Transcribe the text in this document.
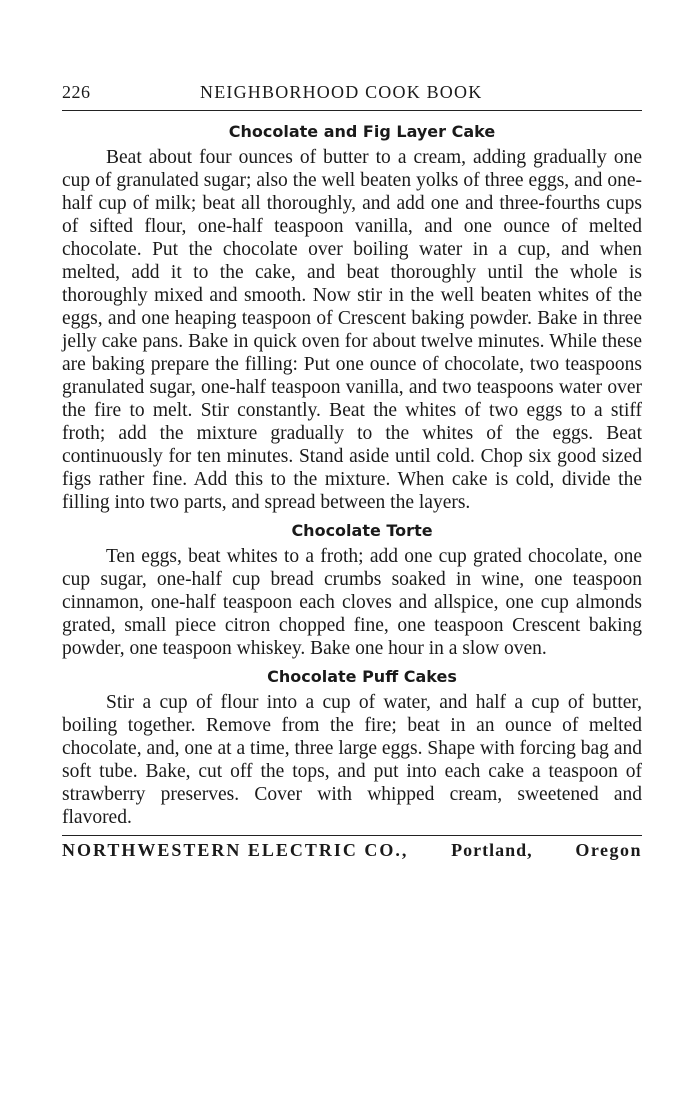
226	NEIGHBORHOOD COOK BOOK
Chocolate and Fig Layer Cake

Beat about four ounces of butter to a cream, adding gradually one cup of granulated sugar; also the well beaten yolks of three eggs, and one-half cup of milk; beat all thoroughly, and add one and three-fourths cups of sifted flour, one-half teaspoon vanilla, and one ounce of melted chocolate. Put the chocolate over boiling water in a cup, and when melted, add it to the cake, and beat thoroughly until the whole is thoroughly mixed and smooth. Now stir in the well beaten whites of the eggs, and one heaping teaspoon of Crescent baking powder. Bake in three jelly cake pans. Bake in quick oven for about twelve minutes. While these are baking prepare the filling: Put one ounce of chocolate, two teaspoons granulated sugar, one-half teaspoon vanilla, and two teaspoons water over the fire to melt. Stir constantly. Beat the whites of two eggs to a stiff froth; add the mixture gradually to the whites of the eggs. Beat continuously for ten minutes. Stand aside until cold. Chop six good sized figs rather fine. Add this to the mixture. When cake is cold, divide the filling into two parts, and spread between the layers.

Chocolate Torte

Ten eggs, beat whites to a froth; add one cup grated chocolate, one cup sugar, one-half cup bread crumbs soaked in wine, one teaspoon cinnamon, one-half teaspoon each cloves and allspice, one cup almonds grated, small piece citron chopped fine, one teaspoon Crescent baking powder, one teaspoon whiskey. Bake one hour in a slow oven.

Chocolate Puff Cakes

Stir a cup of flour into a cup of water, and half a cup of butter, boiling together. Remove from the fire; beat in an ounce of melted chocolate, and, one at a time, three large eggs. Shape with forcing bag and soft tube. Bake, cut off the tops, and put into each cake a teaspoon of strawberry preserves. Cover with whipped cream, sweetened and flavored.

NORTHWESTERN ELECTRIC CO., Portland, Oregon
